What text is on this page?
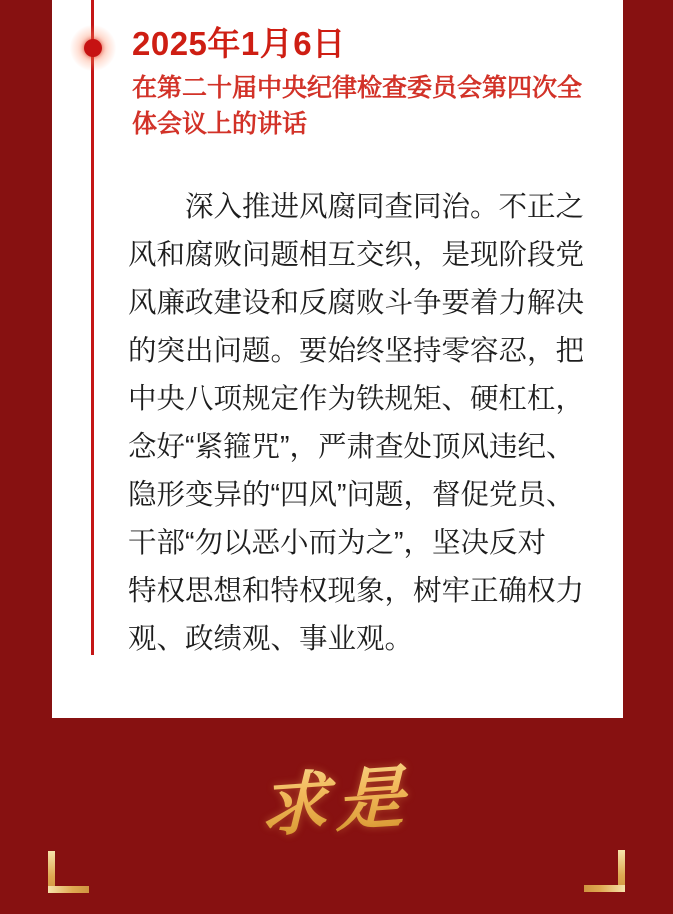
2025年1月6日
在第二十届中央纪律检查委员会第四次全体会议上的讲话
深入推进风腐同查同治。不正之
风和腐败问题相互交织，是现阶段党
风廉政建设和反腐败斗争要着力解决
的突出问题。要始终坚持零容忍，把
中央八项规定作为铁规矩、硬杠杠，
念好“紧箍咒”，严肃查处顶风违纪、
隐形变异的“四风”问题，督促党员、
干部“勿以恶小而为之”，坚决反对
特权思想和特权现象，树牢正确权力
观、政绩观、事业观。
求是
